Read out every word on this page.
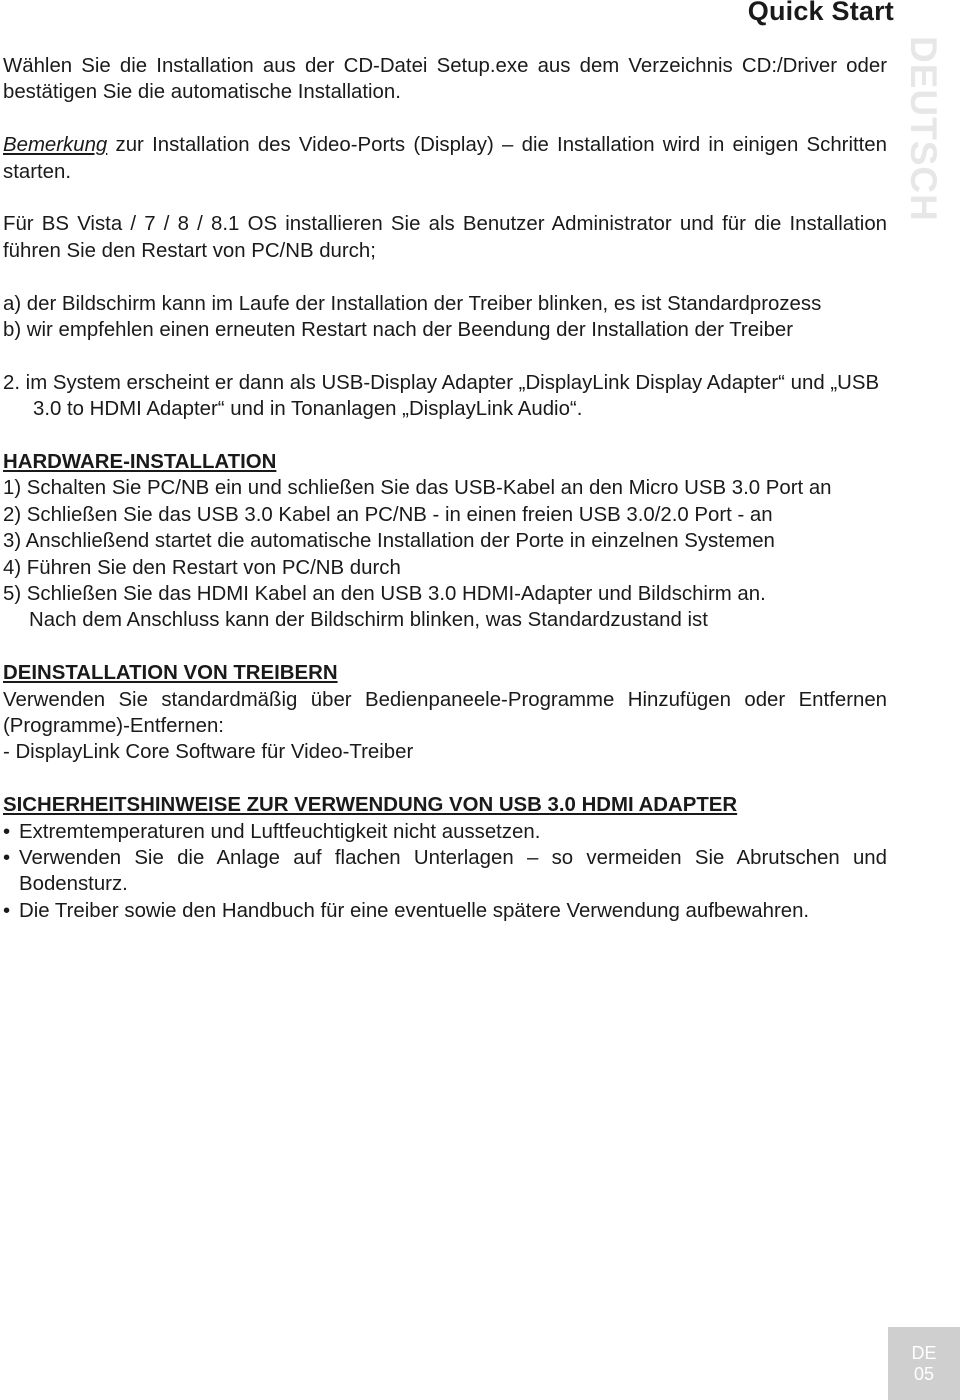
Quick Start
DEUTSCH

Wählen Sie die Installation aus der CD-Datei Setup.exe aus dem Verzeichnis CD:/Driver oder bestätigen Sie die automatische Installation.

Bemerkung zur Installation des Video-Ports (Display) – die Installation wird in einigen Schritten starten.

Für BS Vista / 7 / 8 / 8.1 OS installieren Sie als Benutzer Administrator und für die Installation führen Sie den Restart von PC/NB durch;

a) der Bildschirm kann im Laufe der Installation der Treiber blinken, es ist Standardprozess

b) wir empfehlen einen erneuten Restart nach der Beendung der Installation der Treiber

2. im System erscheint er dann als USB-Display Adapter „DisplayLink Display Adapter“ und „USB 3.0 to HDMI Adapter“ und in Tonanlagen „DisplayLink Audio“.

HARDWARE-INSTALLATION

1) Schalten Sie PC/NB ein und schließen Sie das USB-Kabel an den Micro USB 3.0 Port an

2) Schließen Sie das USB 3.0 Kabel an PC/NB - in einen freien USB 3.0/2.0 Port - an

3) Anschließend startet die automatische Installation der Porte in einzelnen Systemen

4) Führen Sie den Restart von PC/NB durch

5) Schließen Sie das HDMI Kabel an den USB 3.0 HDMI-Adapter und Bildschirm an.

Nach dem Anschluss kann der Bildschirm blinken, was Standardzustand ist

DEINSTALLATION VON TREIBERN

Verwenden Sie standardmäßig über Bedienpaneele-Programme Hinzufügen oder Entfernen (Programme)-Entfernen:

- DisplayLink Core Software für Video-Treiber

SICHERHEITSHINWEISE ZUR VERWENDUNG VON USB 3.0 HDMI ADAPTER

• Extremtemperaturen und Luftfeuchtigkeit nicht aussetzen.
• Verwenden Sie die Anlage auf flachen Unterlagen – so vermeiden Sie Abrutschen und Bodensturz.
• Die Treiber sowie den Handbuch für eine eventuelle spätere Verwendung aufbewahren.
DE
05
